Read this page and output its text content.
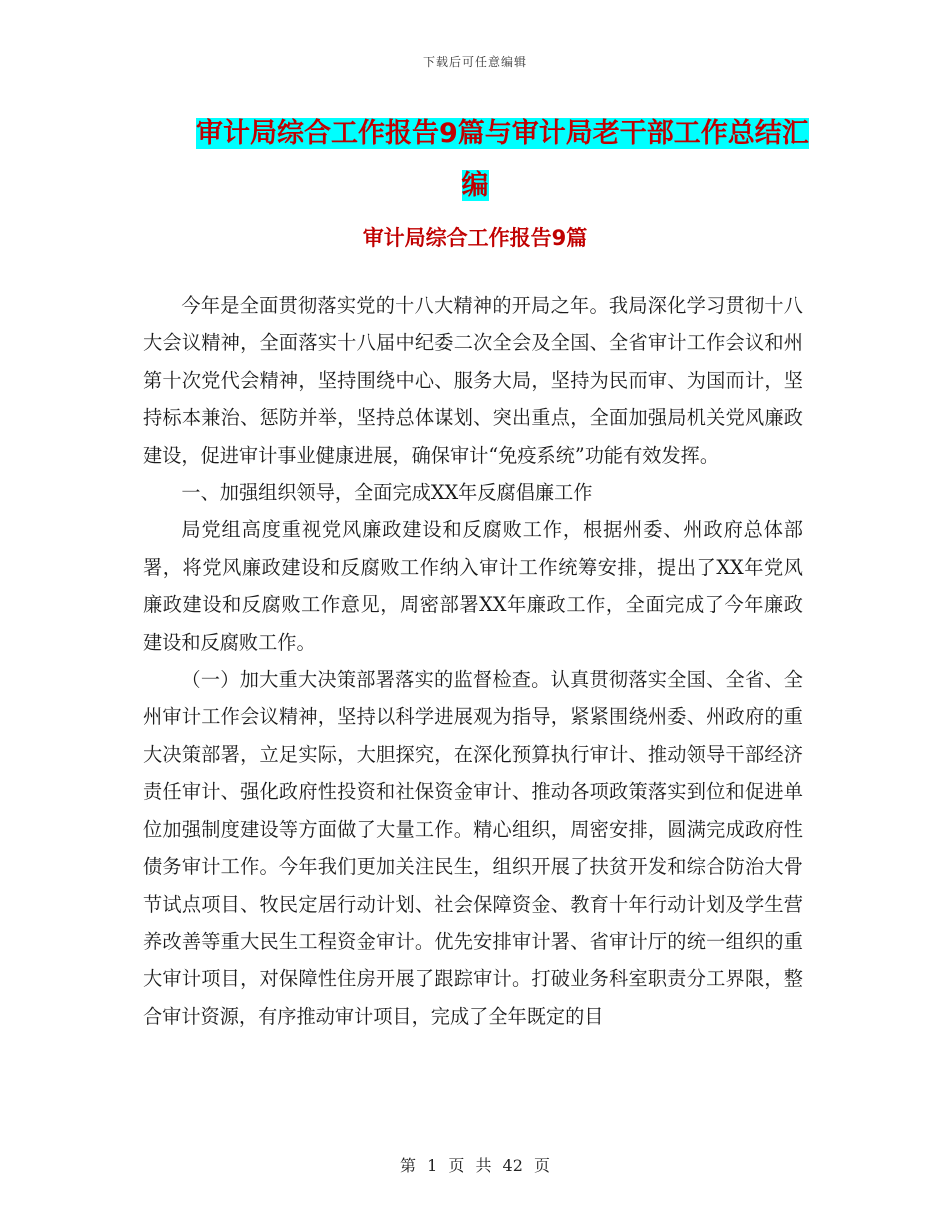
下载后可任意编辑
审计局综合工作报告9篇与审计局老干部工作总结汇
编
审计局综合工作报告9篇

今年是全面贯彻落实党的十八大精神的开局之年。我局深化学习贯彻十八大会议精神，全面落实十八届中纪委二次全会及全国、全省审计工作会议和州第十次党代会精神，坚持围绕中心、服务大局，坚持为民而审、为国而计，坚持标本兼治、惩防并举，坚持总体谋划、突出重点，全面加强局机关党风廉政建设，促进审计事业健康进展，确保审计“免疫系统”功能有效发挥。

一、加强组织领导，全面完成XX年反腐倡廉工作

局党组高度重视党风廉政建设和反腐败工作，根据州委、州政府总体部署，将党风廉政建设和反腐败工作纳入审计工作统筹安排，提出了XX年党风廉政建设和反腐败工作意见，周密部署XX年廉政工作，全面完成了今年廉政建设和反腐败工作。

（一）加大重大决策部署落实的监督检查。认真贯彻落实全国、全省、全州审计工作会议精神，坚持以科学进展观为指导，紧紧围绕州委、州政府的重大决策部署，立足实际，大胆探究，在深化预算执行审计、推动领导干部经济责任审计、强化政府性投资和社保资金审计、推动各项政策落实到位和促进单位加强制度建设等方面做了大量工作。精心组织，周密安排，圆满完成政府性债务审计工作。今年我们更加关注民生，组织开展了扶贫开发和综合防治大骨节试点项目、牧民定居行动计划、社会保障资金、教育十年行动计划及学生营养改善等重大民生工程资金审计。优先安排审计署、省审计厅的统一组织的重大审计项目，对保障性住房开展了跟踪审计。打破业务科室职责分工界限，整合审计资源，有序推动审计项目，完成了全年既定的目

第 1 页 共 42 页
